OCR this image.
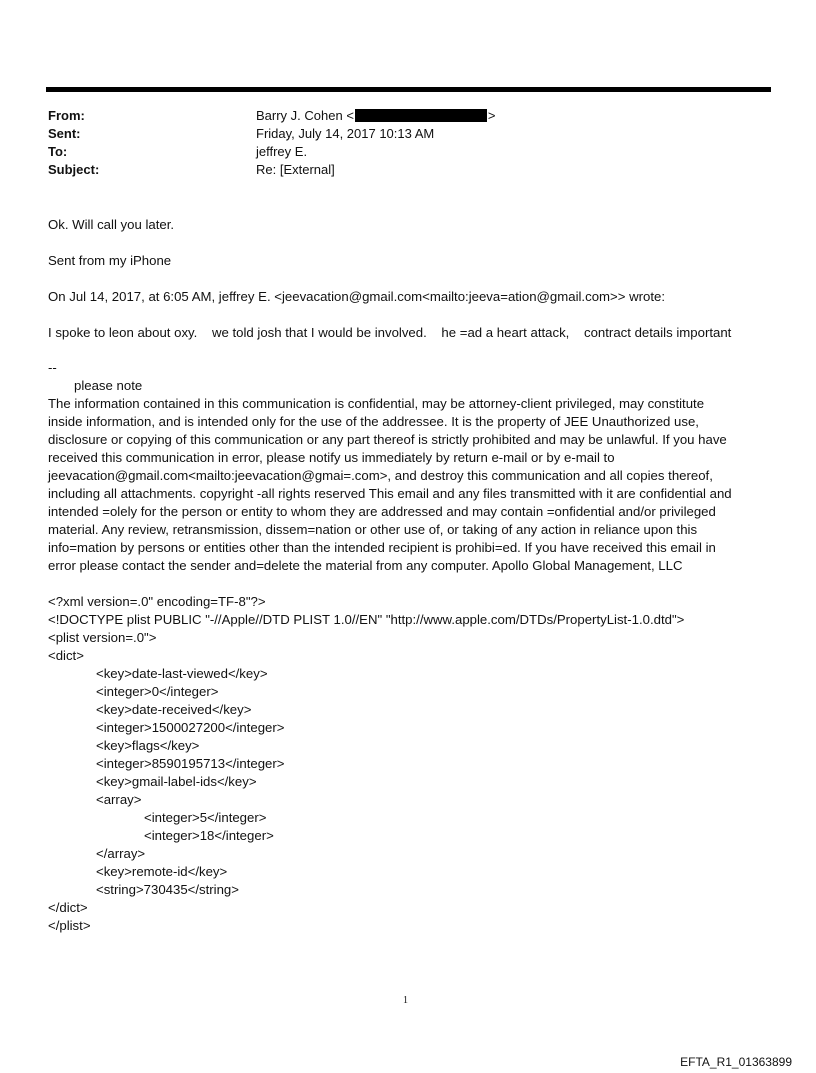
From:	Barry J. Cohen <	>
Sent:	Friday, July 14, 2017 10:13 AM
To:	jeffrey E.
Subject:	Re: [External]
Ok. Will call you later.
Sent from my iPhone
On Jul 14, 2017, at 6:05 AM, jeffrey E. <jeevacation@gmail.com<mailto:jeeva=ation@gmail.com>> wrote:
I spoke to leon about oxy.    we told josh that I would be involved.    he =ad a heart attack,    contract details important
--
please note

The information contained in this communication is confidential, may be attorney-client privileged, may constitute

inside information, and is intended only for the use of the addressee. It is the property of JEE Unauthorized use,

disclosure or copying of this communication or any part thereof is strictly prohibited and may be unlawful. If you have

received this communication in error, please notify us immediately by return e-mail or by e-mail to

jeevacation@gmail.com<mailto:jeevacation@gmai=.com>, and destroy this communication and all copies thereof,

including all attachments. copyright -all rights reserved This email and any files transmitted with it are confidential and

intended =olely for the person or entity to whom they are addressed and may contain =onfidential and/or privileged

material. Any review, retransmission, dissem=nation or other use of, or taking of any action in reliance upon this

info=mation by persons or entities other than the intended recipient is prohibi=ed. If you have received this email in

error please contact the sender and=delete the material from any computer. Apollo Global Management, LLC

<?xml version=.0" encoding=TF-8"?>
<!DOCTYPE plist PUBLIC "-//Apple//DTD PLIST 1.0//EN" "http://www.apple.com/DTDs/PropertyList-1.0.dtd">
<plist version=.0">
<dict>
<key>date-last-viewed</key>
<integer>0</integer>
<key>date-received</key>
<integer>1500027200</integer>
<key>flags</key>
<integer>8590195713</integer>
<key>gmail-label-ids</key>
<array>
<integer>5</integer>
<integer>18</integer>
</array>
<key>remote-id</key>
<string>730435</string>
</dict>
</plist>
1
EFTA_R1_01363899
